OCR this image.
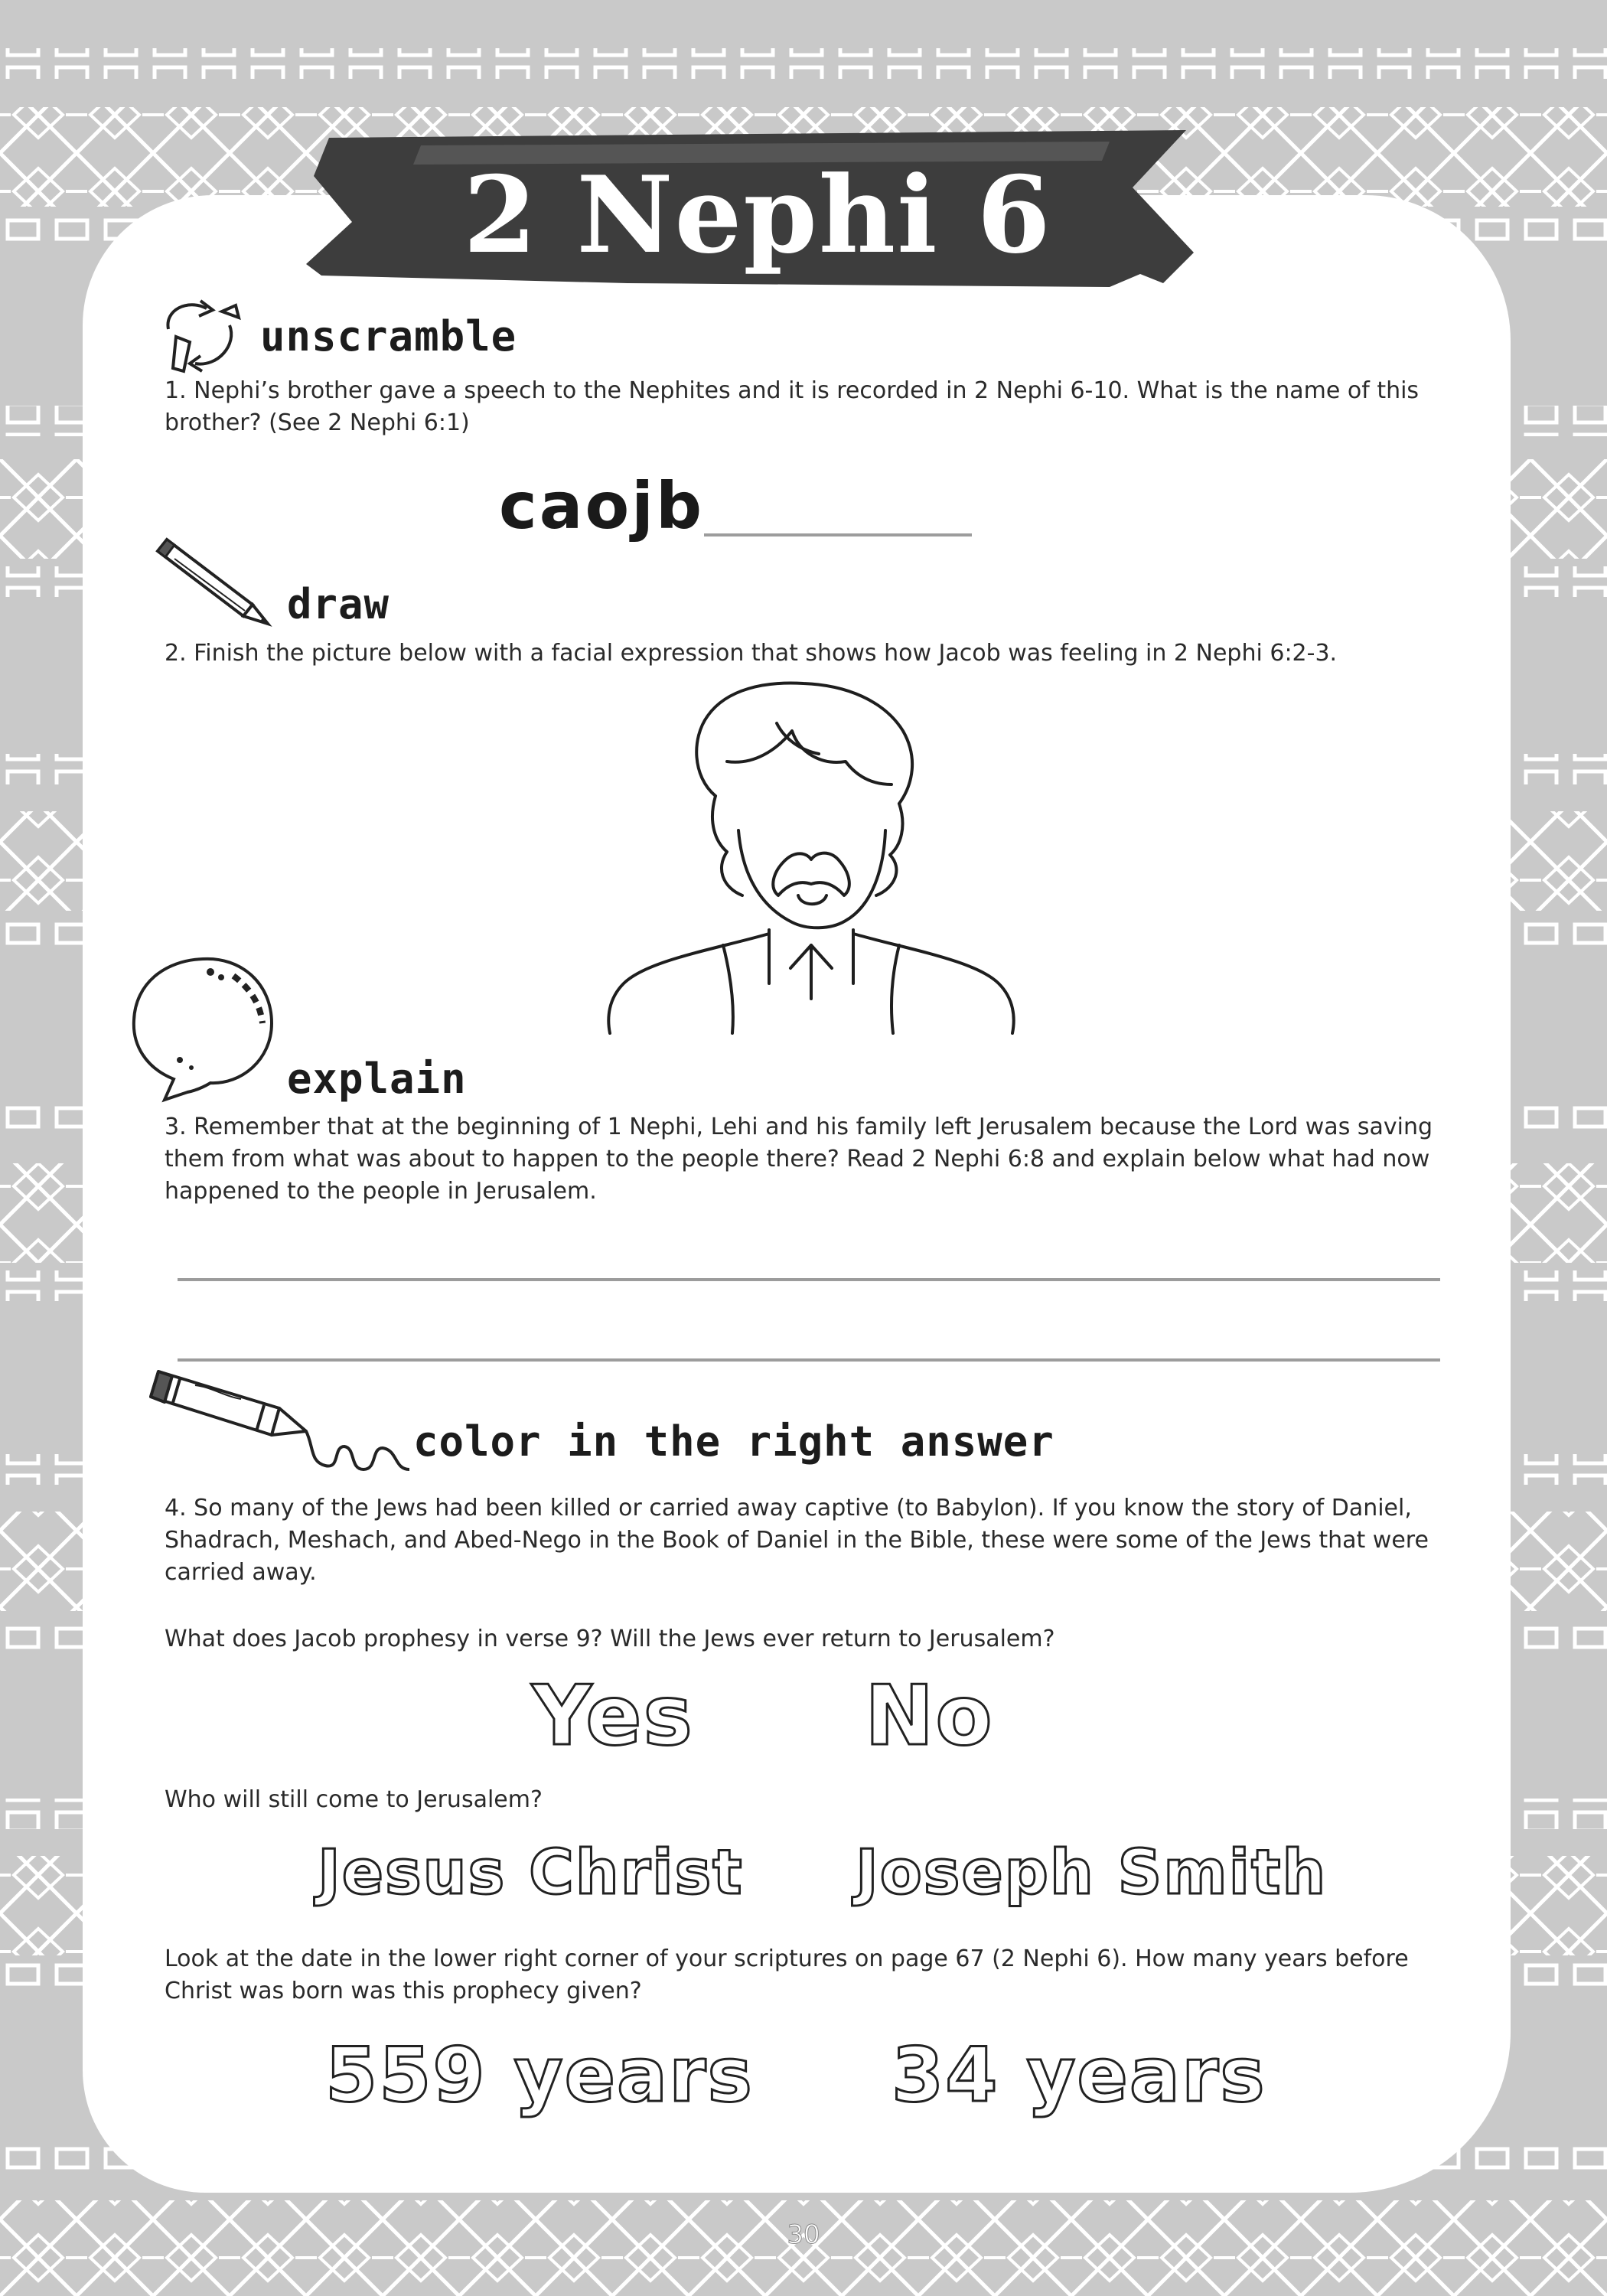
2 Nephi 6
unscramble
1. Nephi’s brother gave a speech to the Nephites and it is recorded in 2 Nephi 6-10. What is the name of this brother? (See 2 Nephi 6:1)
caojb
draw
2. Finish the picture below with a facial expression that shows how Jacob was feeling in 2 Nephi 6:2-3.
explain
3. Remember that at the beginning of 1 Nephi, Lehi and his family left Jerusalem because the Lord was saving them from what was about to happen to the people there? Read 2 Nephi 6:8 and explain below what had now happened to the people in Jerusalem.
color in the right answer
4. So many of the Jews had been killed or carried away captive (to Babylon). If you know the story of Daniel, Shadrach, Meshach, and Abed-Nego in the Book of Daniel in the Bible, these were some of the Jews that were carried away.
What does Jacob prophesy in verse 9? Will the Jews ever return to Jerusalem?
Yes No
Who will still come to Jerusalem?
Jesus Christ Joseph Smith
Look at the date in the lower right corner of your scriptures on page 67 (2 Nephi 6). How many years before Christ was born was this prophecy given?
559 years 34 years
30
